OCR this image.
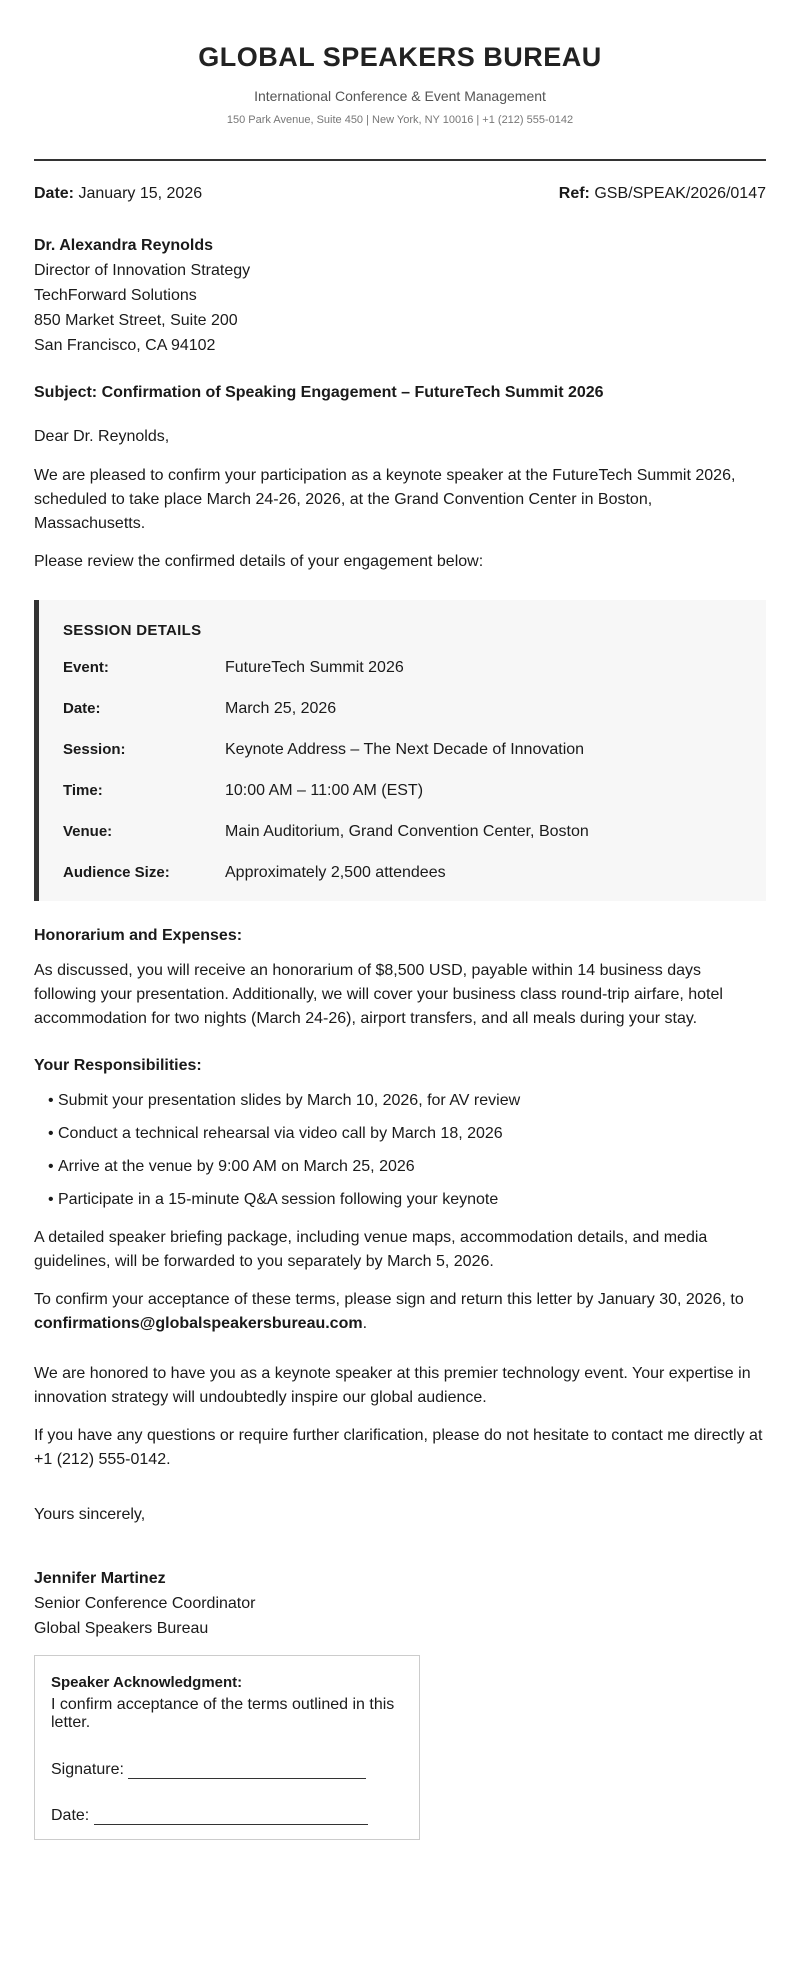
GLOBAL SPEAKERS BUREAU
International Conference & Event Management
150 Park Avenue, Suite 450 | New York, NY 10016 | +1 (212) 555-0142
Date: January 15, 2026	Ref: GSB/SPEAK/2026/0147
Dr. Alexandra Reynolds
Director of Innovation Strategy
TechForward Solutions
850 Market Street, Suite 200
San Francisco, CA 94102
Subject: Confirmation of Speaking Engagement – FutureTech Summit 2026
Dear Dr. Reynolds,

We are pleased to confirm your participation as a keynote speaker at the FutureTech Summit 2026, scheduled to take place March 24-26, 2026, at the Grand Convention Center in Boston, Massachusetts.

Please review the confirmed details of your engagement below:

SESSION DETAILS
Event:	FutureTech Summit 2026
Date:	March 25, 2026
Session:	Keynote Address – The Next Decade of Innovation
Time:	10:00 AM – 11:00 AM (EST)
Venue:	Main Auditorium, Grand Convention Center, Boston
Audience Size:	Approximately 2,500 attendees
Honorarium and Expenses:

As discussed, you will receive an honorarium of $8,500 USD, payable within 14 business days following your presentation. Additionally, we will cover your business class round-trip airfare, hotel accommodation for two nights (March 24-26), airport transfers, and all meals during your stay.

Your Responsibilities:
• Submit your presentation slides by March 10, 2026, for AV review
• Conduct a technical rehearsal via video call by March 18, 2026
• Arrive at the venue by 9:00 AM on March 25, 2026
• Participate in a 15-minute Q&A session following your keynote

A detailed speaker briefing package, including venue maps, accommodation details, and media guidelines, will be forwarded to you separately by March 5, 2026.

To confirm your acceptance of these terms, please sign and return this letter by January 30, 2026, to confirmations@globalspeakersbureau.com.

We are honored to have you as a keynote speaker at this premier technology event. Your expertise in innovation strategy will undoubtedly inspire our global audience.

If you have any questions or require further clarification, please do not hesitate to contact me directly at +1 (212) 555-0142.

Yours sincerely,
Jennifer Martinez
Senior Conference Coordinator
Global Speakers Bureau
Speaker Acknowledgment:
I confirm acceptance of the terms outlined in this letter.
Signature:
Date:
